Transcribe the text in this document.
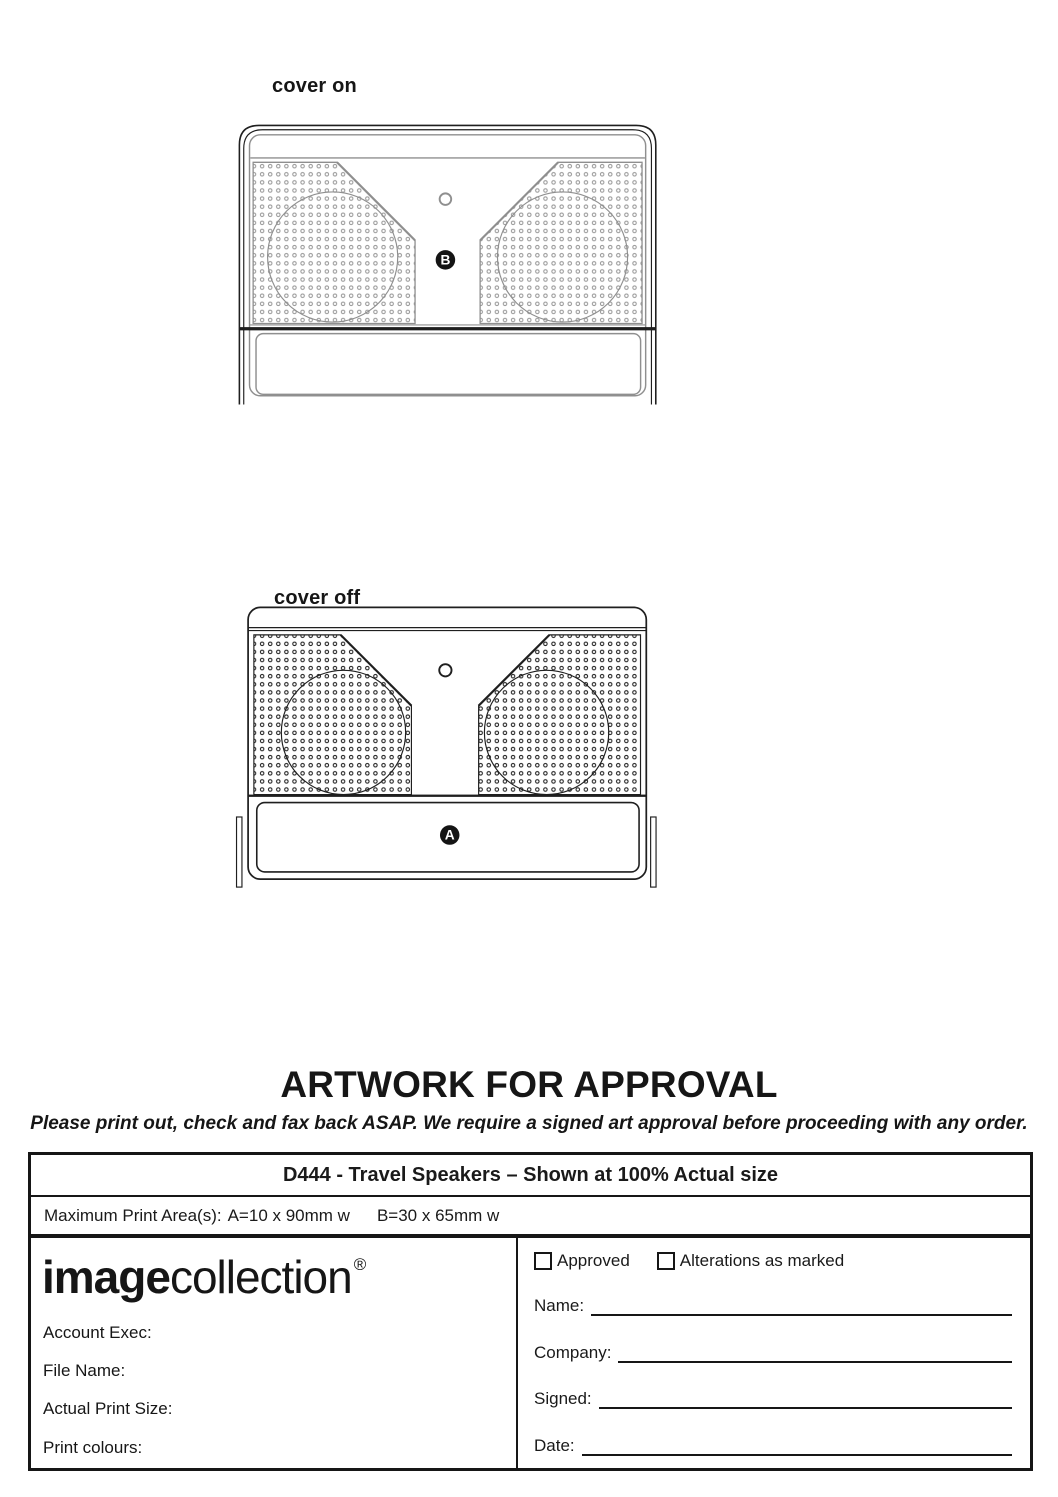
cover on
B
cover off
A
ARTWORK FOR APPROVAL
Please print out, check and fax back ASAP. We require a signed art approval before proceeding with any order.
D444 - Travel Speakers – Shown at 100% Actual size
Maximum Print Area(s): A=10 x 90mm w B=30 x 65mm w
imagecollection ®
Account Exec:
File Name:
Actual Print Size:
Print colours:
Approved	Alterations as marked
Name:
Company:
Signed:
Date:
